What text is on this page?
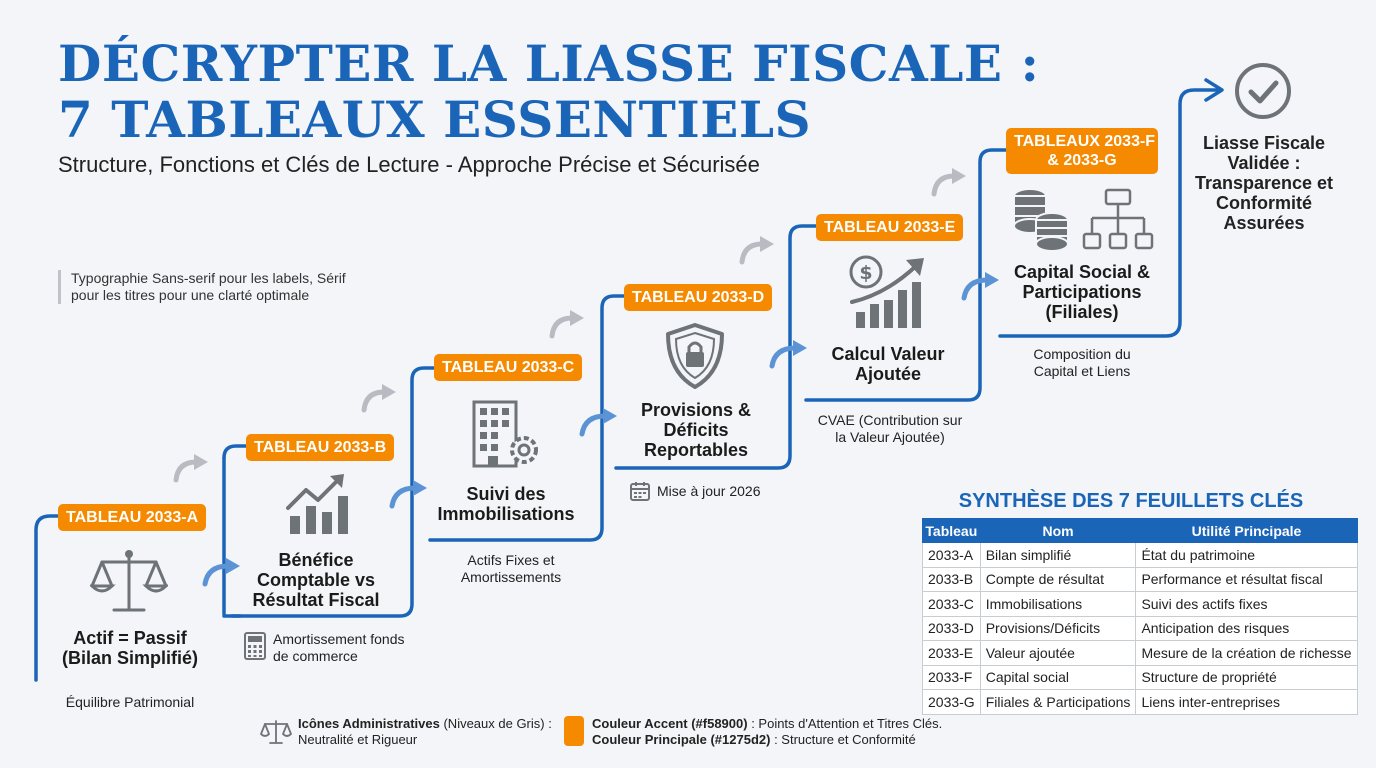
DÉCRYPTER LA LIASSE FISCALE :
7 TABLEAUX ESSENTIELS
Structure, Fonctions et Clés de Lecture - Approche Précise et Sécurisée
Typographie Sans-serif pour les labels, Sérif pour les titres pour une clarté optimale
TABLEAU 2033-A
Actif = Passif
(Bilan Simplifié)
Équilibre Patrimonial
TABLEAU 2033-B
Bénéfice
Comptable vs
Résultat Fiscal
Amortissement fonds
de commerce
TABLEAU 2033-C
Suivi des
Immobilisations
Actifs Fixes et
Amortissements
TABLEAU 2033-D
Provisions &
Déficits
Reportables
Mise à jour 2026
TABLEAU 2033-E
$
Calcul Valeur
Ajoutée
CVAE (Contribution sur
la Valeur Ajoutée)
TABLEAUX 2033-F
& 2033-G
Capital Social &
Participations
(Filiales)
Composition du
Capital et Liens
Liasse Fiscale
Validée :
Transparence et
Conformité
Assurées
SYNTHÈSE DES 7 FEUILLETS CLÉS
Tableau	Nom	Utilité Principale
2033-A	Bilan simplifié	État du patrimoine
2033-B	Compte de résultat	Performance et résultat fiscal
2033-C	Immobilisations	Suivi des actifs fixes
2033-D	Provisions/Déficits	Anticipation des risques
2033-E	Valeur ajoutée	Mesure de la création de richesse
2033-F	Capital social	Structure de propriété
2033-G	Filiales & Participations	Liens inter-entreprises
Icônes Administratives (Niveaux de Gris) :
Neutralité et Rigueur
Couleur Accent (#f58900) : Points d'Attention et Titres Clés.
Couleur Principale (#1275d2) : Structure et Conformité
